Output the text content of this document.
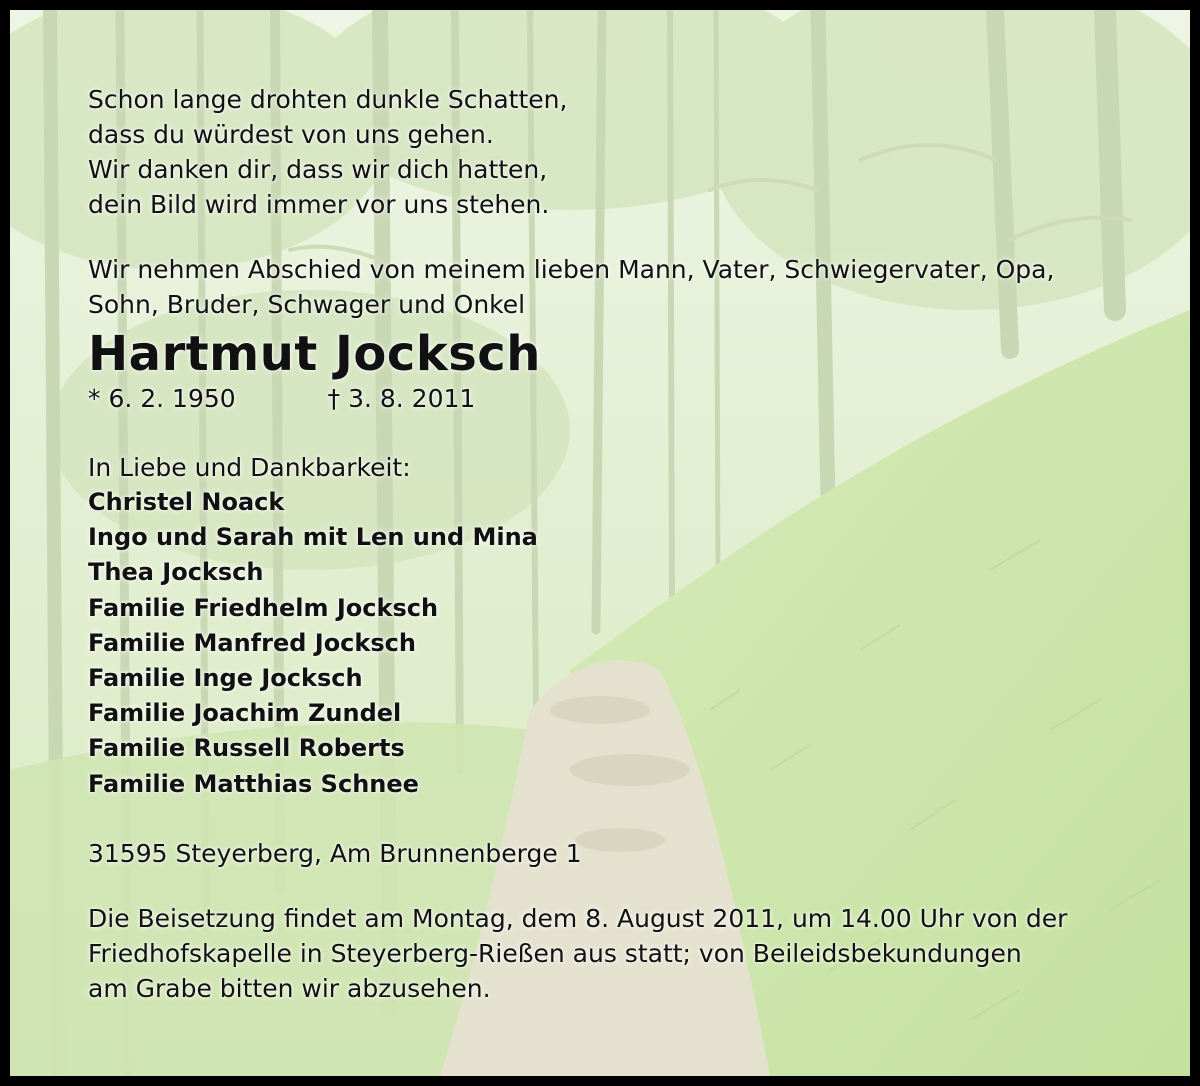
Schon lange drohten dunkle Schatten,
dass du würdest von uns gehen.
Wir danken dir, dass wir dich hatten,
dein Bild wird immer vor uns stehen.
Wir nehmen Abschied von meinem lieben Mann, Vater, Schwiegervater, Opa,
Sohn, Bruder, Schwager und Onkel
Hartmut Jocksch
* 6. 2. 1950	† 3. 8. 2011
In Liebe und Dankbarkeit:
Christel Noack
Ingo und Sarah mit Len und Mina
Thea Jocksch
Familie Friedhelm Jocksch
Familie Manfred Jocksch
Familie Inge Jocksch
Familie Joachim Zundel
Familie Russell Roberts
Familie Matthias Schnee
31595 Steyerberg, Am Brunnenberge 1
Die Beisetzung findet am Montag, dem 8. August 2011, um 14.00 Uhr von der
Friedhofskapelle in Steyerberg-Rießen aus statt; von Beileidsbekundungen
am Grabe bitten wir abzusehen.
